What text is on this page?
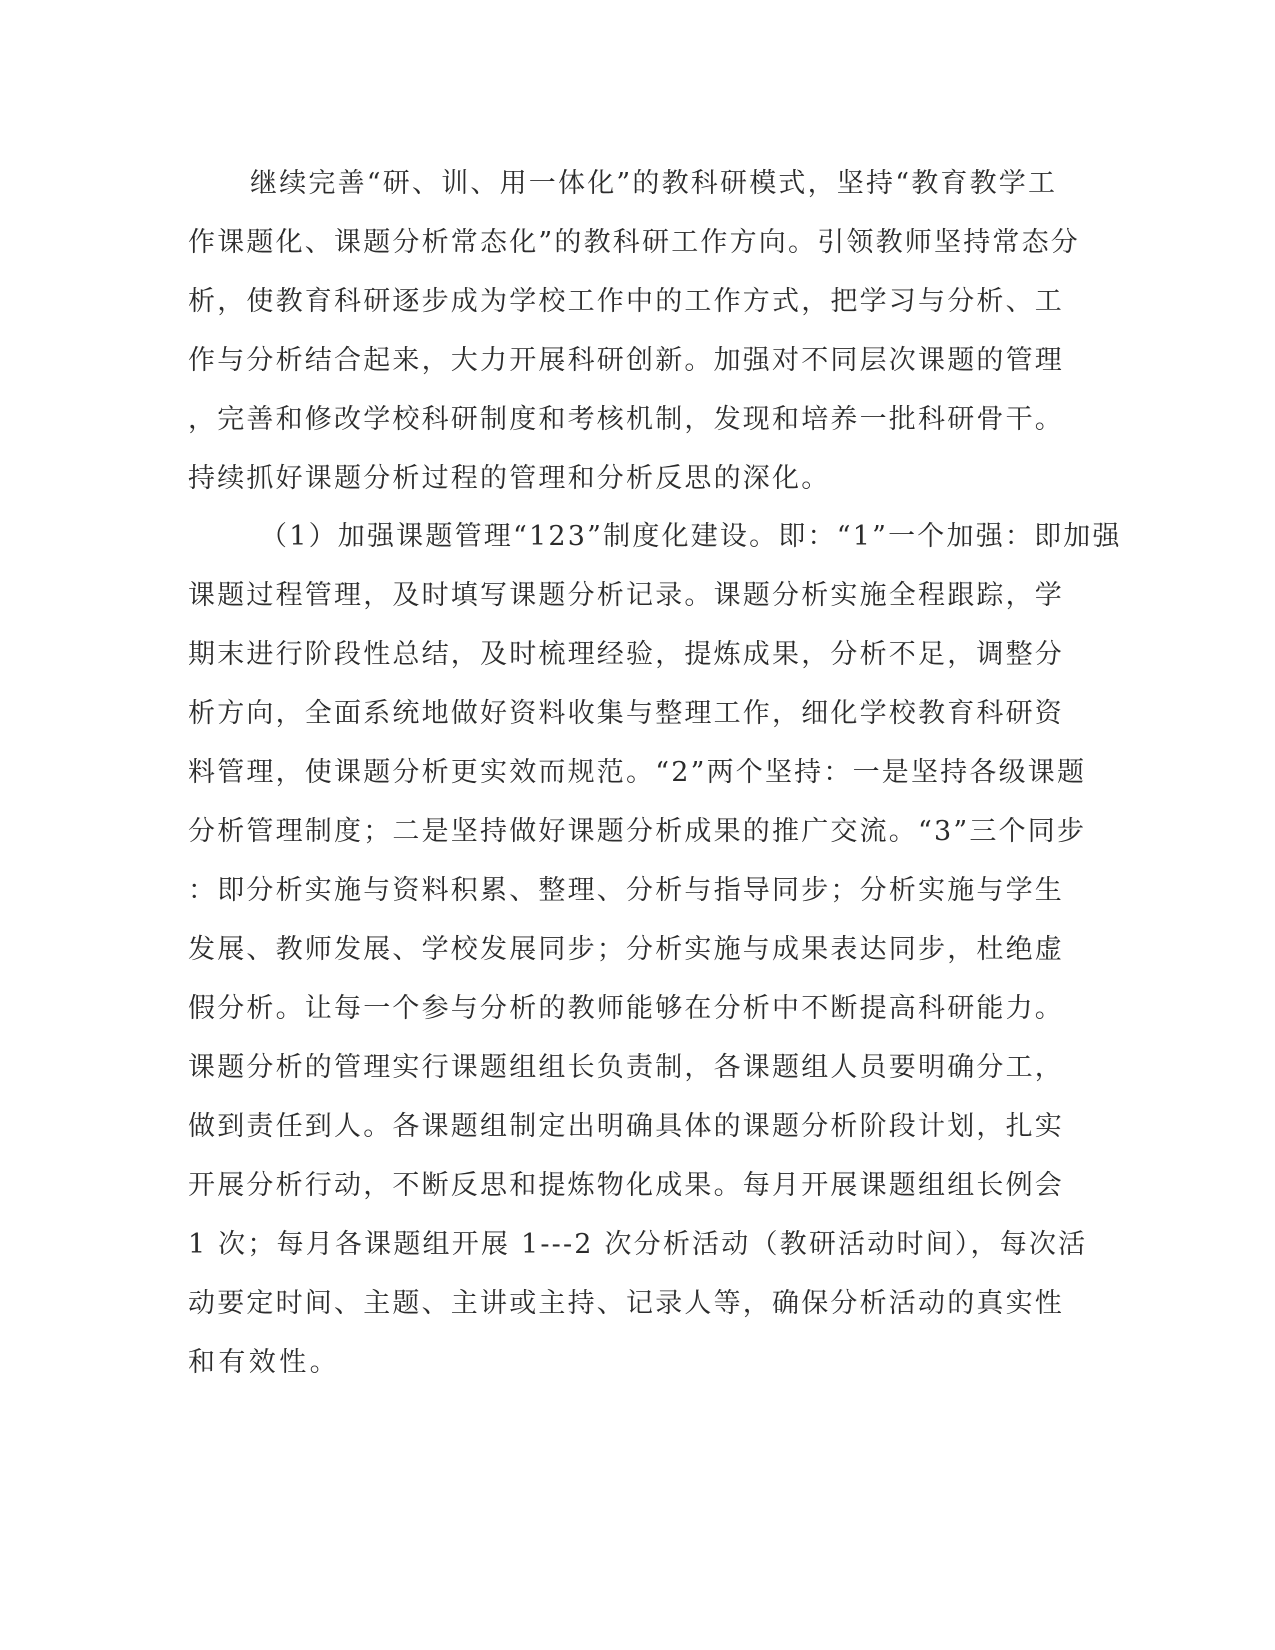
继续完善“研、训、用一体化”的教科研模式，坚持“教育教学工
作课题化、课题分析常态化”的教科研工作方向。引领教师坚持常态分
析，使教育科研逐步成为学校工作中的工作方式，把学习与分析、工
作与分析结合起来，大力开展科研创新。加强对不同层次课题的管理
，完善和修改学校科研制度和考核机制，发现和培养一批科研骨干。
持续抓好课题分析过程的管理和分析反思的深化。
（1）加强课题管理“123”制度化建设。即：“1”一个加强：即加强
课题过程管理，及时填写课题分析记录。课题分析实施全程跟踪，学
期末进行阶段性总结，及时梳理经验，提炼成果，分析不足，调整分
析方向，全面系统地做好资料收集与整理工作，细化学校教育科研资
料管理，使课题分析更实效而规范。“2”两个坚持：一是坚持各级课题
分析管理制度；二是坚持做好课题分析成果的推广交流。“3”三个同步
：即分析实施与资料积累、整理、分析与指导同步；分析实施与学生
发展、教师发展、学校发展同步；分析实施与成果表达同步，杜绝虚
假分析。让每一个参与分析的教师能够在分析中不断提高科研能力。
课题分析的管理实行课题组组长负责制，各课题组人员要明确分工，
做到责任到人。各课题组制定出明确具体的课题分析阶段计划，扎实
开展分析行动，不断反思和提炼物化成果。每月开展课题组组长例会
1 次；每月各课题组开展 1---2 次分析活动（教研活动时间），每次活
动要定时间、主题、主讲或主持、记录人等，确保分析活动的真实性
和有效性。
